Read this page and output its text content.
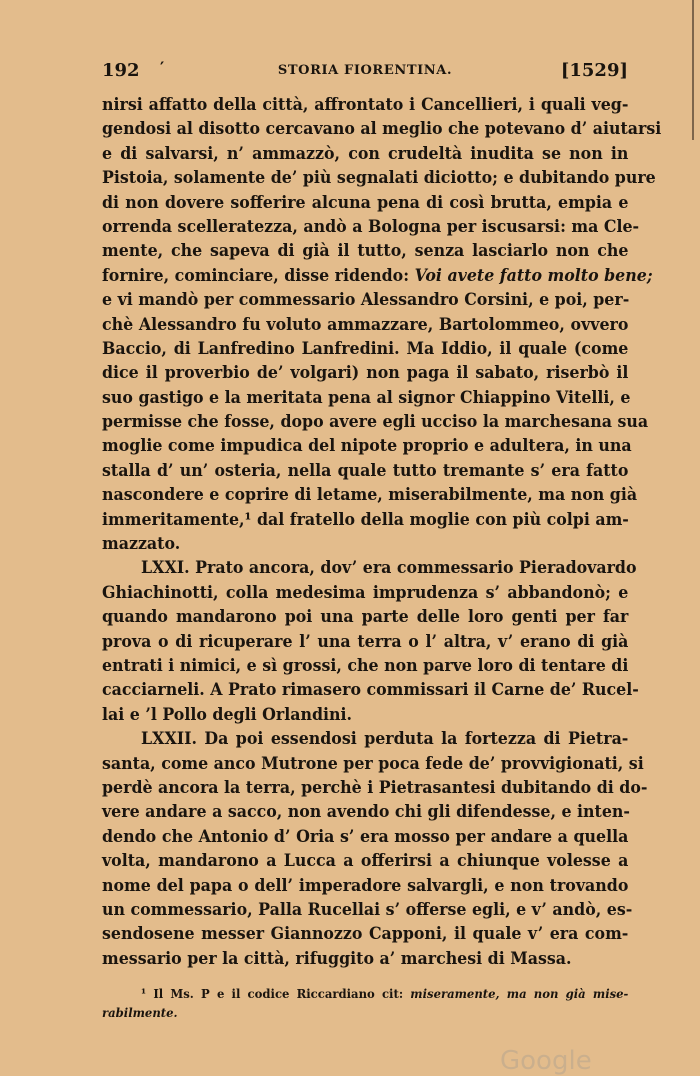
192 ′	STORIA FIORENTINA.	[1529]
nirsi affatto della città, affrontato i Cancellieri, i quali veg-
gendosi al disotto cercavano al meglio che potevano d’ aiutarsi
e di salvarsi, n’ ammazzò, con crudeltà inudita se non in
Pistoia, solamente de’ più segnalati diciotto; e dubitando pure
di non dovere sofferire alcuna pena di così brutta, empia e
orrenda scelleratezza, andò a Bologna per iscusarsi: ma Cle-
mente, che sapeva di già il tutto, senza lasciarlo non che
fornire, cominciare, disse ridendo: Voi avete fatto molto bene;
e vi mandò per commessario Alessandro Corsini, e poi, per-
chè Alessandro fu voluto ammazzare, Bartolommeo, ovvero
Baccio, di Lanfredino Lanfredini. Ma Iddio, il quale (come
dice il proverbio de’ volgari) non paga il sabato, riserbò il
suo gastigo e la meritata pena al signor Chiappino Vitelli, e
permisse che fosse, dopo avere egli ucciso la marchesana sua
moglie come impudica del nipote proprio e adultera, in una
stalla d’ un’ osteria, nella quale tutto tremante s’ era fatto
nascondere e coprire di letame, miserabilmente, ma non già
immeritamente,¹ dal fratello della moglie con più colpi am-
mazzato.
LXXI. Prato ancora, dov’ era commessario Pieradovardo
Ghiachinotti, colla medesima imprudenza s’ abbandonò; e
quando mandarono poi una parte delle loro genti per far
prova o di ricuperare l’ una terra o l’ altra, v’ erano di già
entrati i nimici, e sì grossi, che non parve loro di tentare di
cacciarneli. A Prato rimasero commissari il Carne de’ Rucel-
lai e ’l Pollo degli Orlandini.
LXXII. Da poi essendosi perduta la fortezza di Pietra-
santa, come anco Mutrone per poca fede de’ provvigionati, si
perdè ancora la terra, perchè i Pietrasantesi dubitando di do-
vere andare a sacco, non avendo chi gli difendesse, e inten-
dendo che Antonio d’ Oria s’ era mosso per andare a quella
volta, mandarono a Lucca a offerirsi a chiunque volesse a
nome del papa o dell’ imperadore salvargli, e non trovando
un commessario, Palla Rucellai s’ offerse egli, e v’ andò, es-
sendosene messer Giannozzo Capponi, il quale v’ era com-
messario per la città, rifuggito a’ marchesi di Massa.
¹ Il Ms. P e il codice Riccardiano cit: miseramente, ma non già mise-
rabilmente.
Google
